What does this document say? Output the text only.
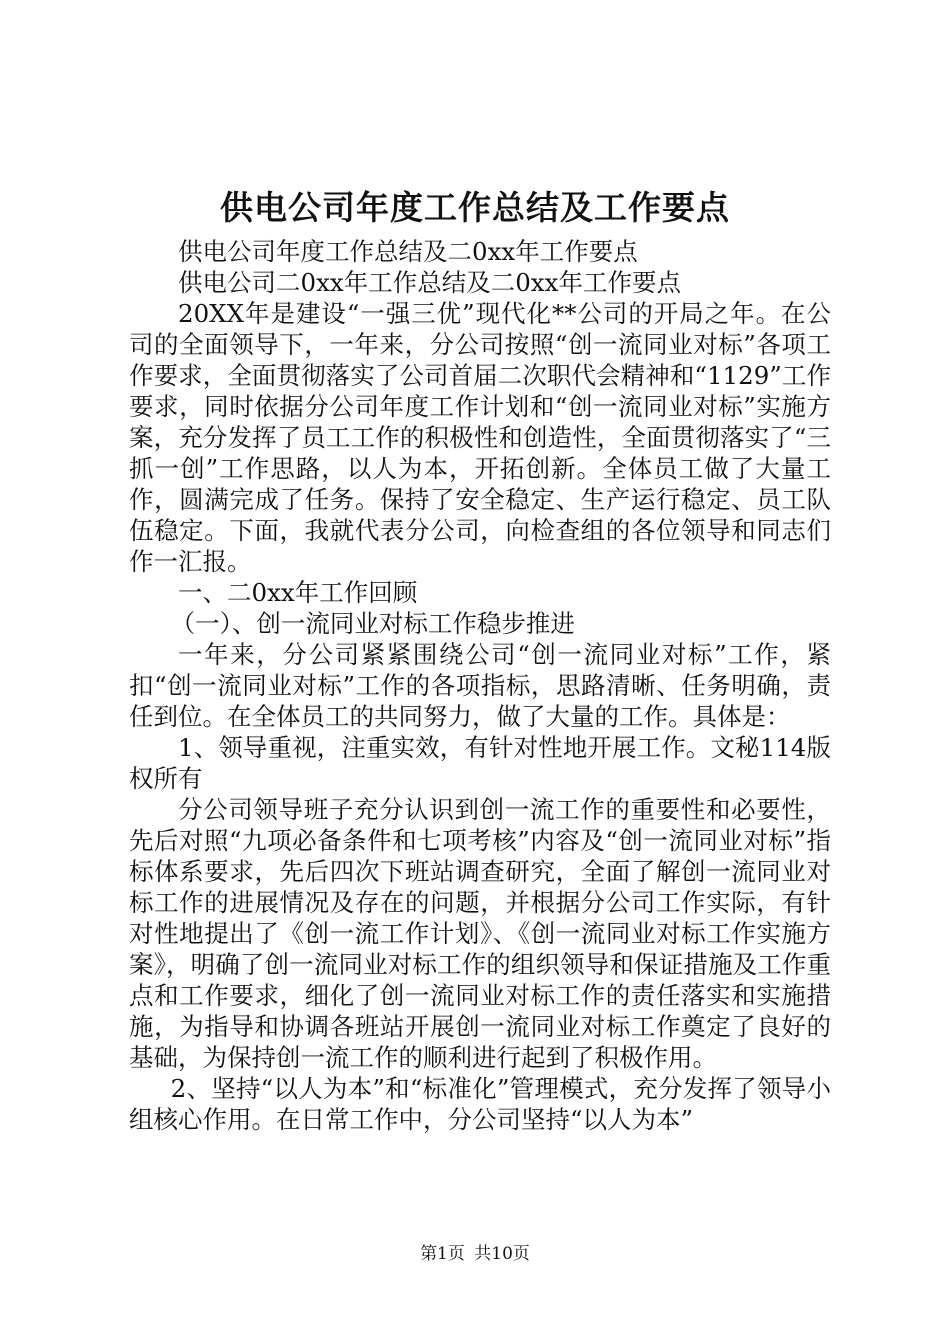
供电公司年度工作总结及工作要点

供电公司年度工作总结及二0xx年工作要点

供电公司二0xx年工作总结及二0xx年工作要点

20XX年是建设“一强三优”现代化**公司的开局之年。在公司的全面领导下，一年来，分公司按照“创一流同业对标”各项工作要求，全面贯彻落实了公司首届二次职代会精神和“1129”工作要求，同时依据分公司年度工作计划和“创一流同业对标”实施方案，充分发挥了员工工作的积极性和创造性，全面贯彻落实了“三抓一创”工作思路，以人为本，开拓创新。全体员工做了大量工作，圆满完成了任务。保持了安全稳定、生产运行稳定、员工队伍稳定。下面，我就代表分公司，向检查组的各位领导和同志们作一汇报。

一、二0xx年工作回顾

（一）、创一流同业对标工作稳步推进

一年来，分公司紧紧围绕公司“创一流同业对标”工作，紧扣“创一流同业对标”工作的各项指标，思路清晰、任务明确，责任到位。在全体员工的共同努力，做了大量的工作。具体是：

1、领导重视，注重实效，有针对性地开展工作。文秘114版权所有

分公司领导班子充分认识到创一流工作的重要性和必要性，先后对照“九项必备条件和七项考核”内容及“创一流同业对标”指标体系要求，先后四次下班站调查研究，全面了解创一流同业对标工作的进展情况及存在的问题，并根据分公司工作实际，有针对性地提出了《创一流工作计划》、《创一流同业对标工作实施方案》，明确了创一流同业对标工作的组织领导和保证措施及工作重点和工作要求，细化了创一流同业对标工作的责任落实和实施措施，为指导和协调各班站开展创一流同业对标工作奠定了良好的基础，为保持创一流工作的顺利进行起到了积极作用。

2、坚持“以人为本”和“标准化”管理模式，充分发挥了领导小组核心作用。在日常工作中，分公司坚持“以人为本”

第1页 共10页
